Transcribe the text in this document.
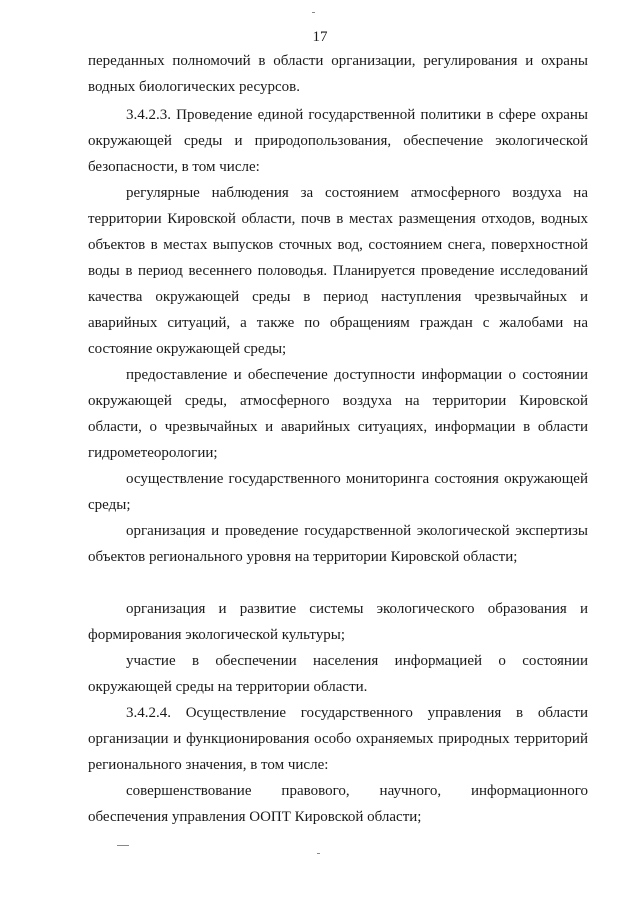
17

переданных полномочий в области организации, регулирования и охраны водных биологических ресурсов.

3.4.2.3. Проведение единой государственной политики в сфере охраны окружающей среды и природопользования, обеспечение экологической безопасности, в том числе:

регулярные наблюдения за состоянием атмосферного воздуха на территории Кировской области, почв в местах размещения отходов, водных объектов в местах выпусков сточных вод, состоянием снега, поверхностной воды в период весеннего половодья. Планируется проведение исследований качества окружающей среды в период наступления чрезвычайных и аварийных ситуаций, а также по обращениям граждан с жалобами на состояние окружающей среды;

предоставление и обеспечение доступности информации о состоянии окружающей среды, атмосферного воздуха на территории Кировской области, о чрезвычайных и аварийных ситуациях, информации в области гидрометеорологии;

осуществление государственного мониторинга состояния окружающей среды;

организация и проведение государственной экологической экспертизы объектов регионального уровня на территории Кировской области;

организация и развитие системы экологического образования и формирования экологической культуры;

участие в обеспечении населения информацией о состоянии окружающей среды на территории области.

3.4.2.4. Осуществление государственного управления в области организации и функционирования особо охраняемых природных территорий регионального значения, в том числе:

совершенствование правового, научного, информационного обеспечения управления ООПТ Кировской области;
